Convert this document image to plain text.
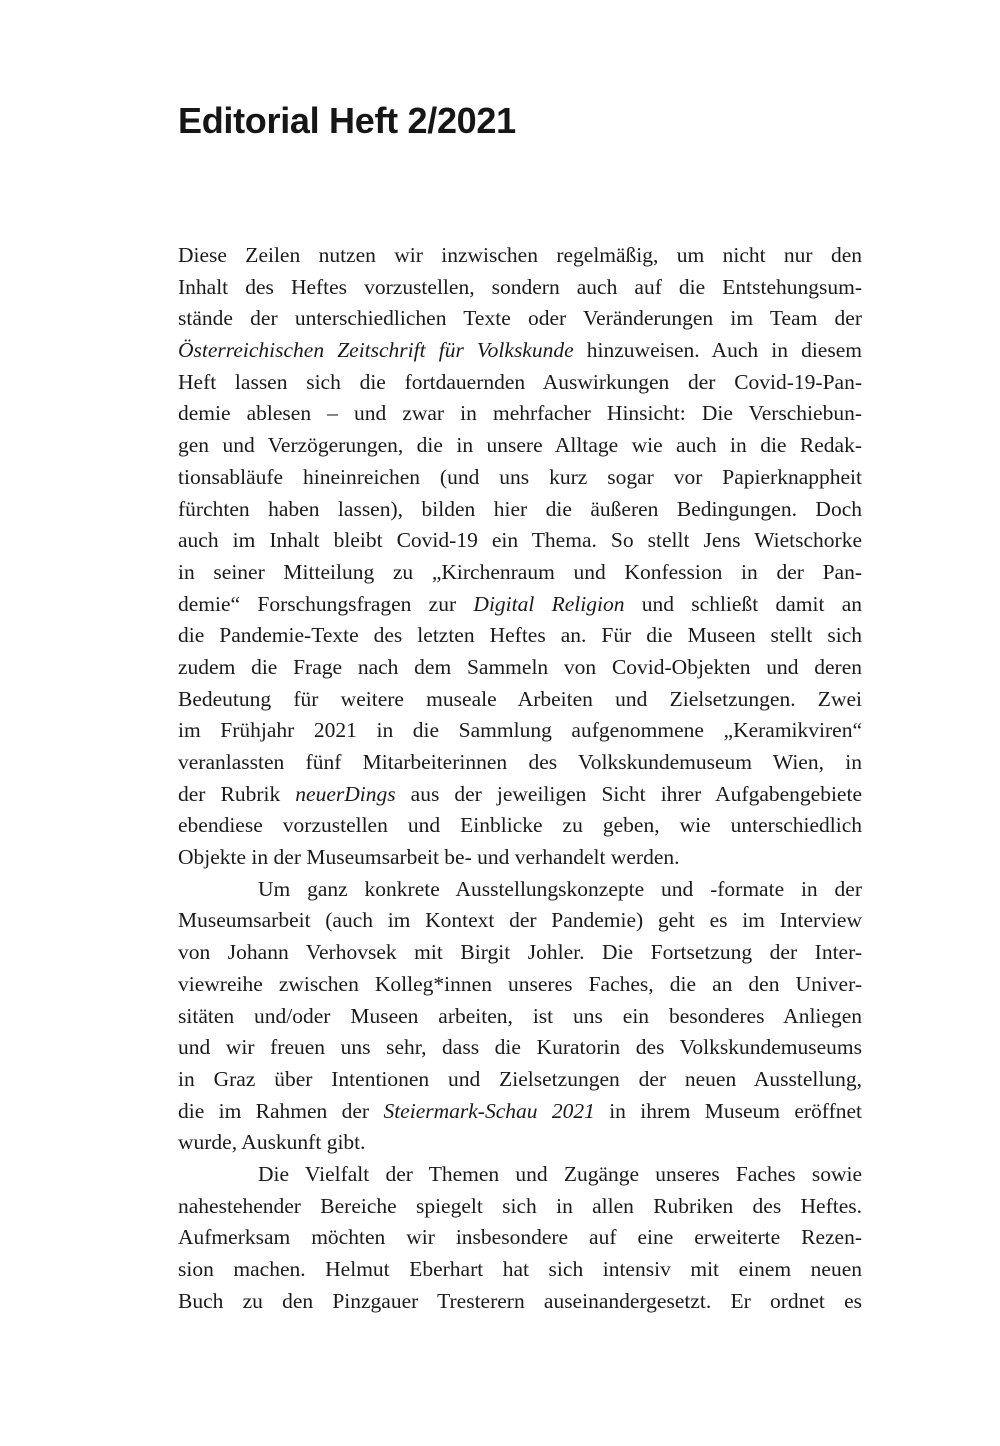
Editorial Heft 2/2021
Diese Zeilen nutzen wir inzwischen regelmäßig, um nicht nur den
Inhalt des Heftes vorzustellen, sondern auch auf die Entstehungsum-
stände der unterschiedlichen Texte oder Veränderungen im Team der
Österreichischen Zeitschrift für Volkskunde hinzuweisen. Auch in diesem
Heft lassen sich die fortdauernden Auswirkungen der Covid-19-Pan-
demie ablesen – und zwar in mehrfacher Hinsicht: Die Verschiebun-
gen und Verzögerungen, die in unsere Alltage wie auch in die Redak-
tionsabläufe hineinreichen (und uns kurz sogar vor Papierknappheit
fürchten haben lassen), bilden hier die äußeren Bedingungen. Doch
auch im Inhalt bleibt Covid-19 ein Thema. So stellt Jens Wietschorke
in seiner Mitteilung zu „Kirchenraum und Konfession in der Pan-
demie“ Forschungsfragen zur Digital Religion und schließt damit an
die Pandemie-Texte des letzten Heftes an. Für die Museen stellt sich
zudem die Frage nach dem Sammeln von Covid-Objekten und deren
Bedeutung für weitere museale Arbeiten und Zielsetzungen. Zwei
im Frühjahr 2021 in die Sammlung aufgenommene „Keramikviren“
veranlassten fünf Mitarbeiterinnen des Volkskundemuseum Wien, in
der Rubrik neuerDings aus der jeweiligen Sicht ihrer Aufgabengebiete
ebendiese vorzustellen und Einblicke zu geben, wie unterschiedlich
Objekte in der Museumsarbeit be- und verhandelt werden.
Um ganz konkrete Ausstellungskonzepte und -formate in der
Museumsarbeit (auch im Kontext der Pandemie) geht es im Interview
von Johann Verhovsek mit Birgit Johler. Die Fortsetzung der Inter-
viewreihe zwischen Kolleg*innen unseres Faches, die an den Univer-
sitäten und/oder Museen arbeiten, ist uns ein besonderes Anliegen
und wir freuen uns sehr, dass die Kuratorin des Volkskundemuseums
in Graz über Intentionen und Zielsetzungen der neuen Ausstellung,
die im Rahmen der Steiermark-Schau 2021 in ihrem Museum eröffnet
wurde, Auskunft gibt.
Die Vielfalt der Themen und Zugänge unseres Faches sowie
nahestehender Bereiche spiegelt sich in allen Rubriken des Heftes.
Aufmerksam möchten wir insbesondere auf eine erweiterte Rezen-
sion machen. Helmut Eberhart hat sich intensiv mit einem neuen
Buch zu den Pinzgauer Tresterern auseinandergesetzt. Er ordnet es
